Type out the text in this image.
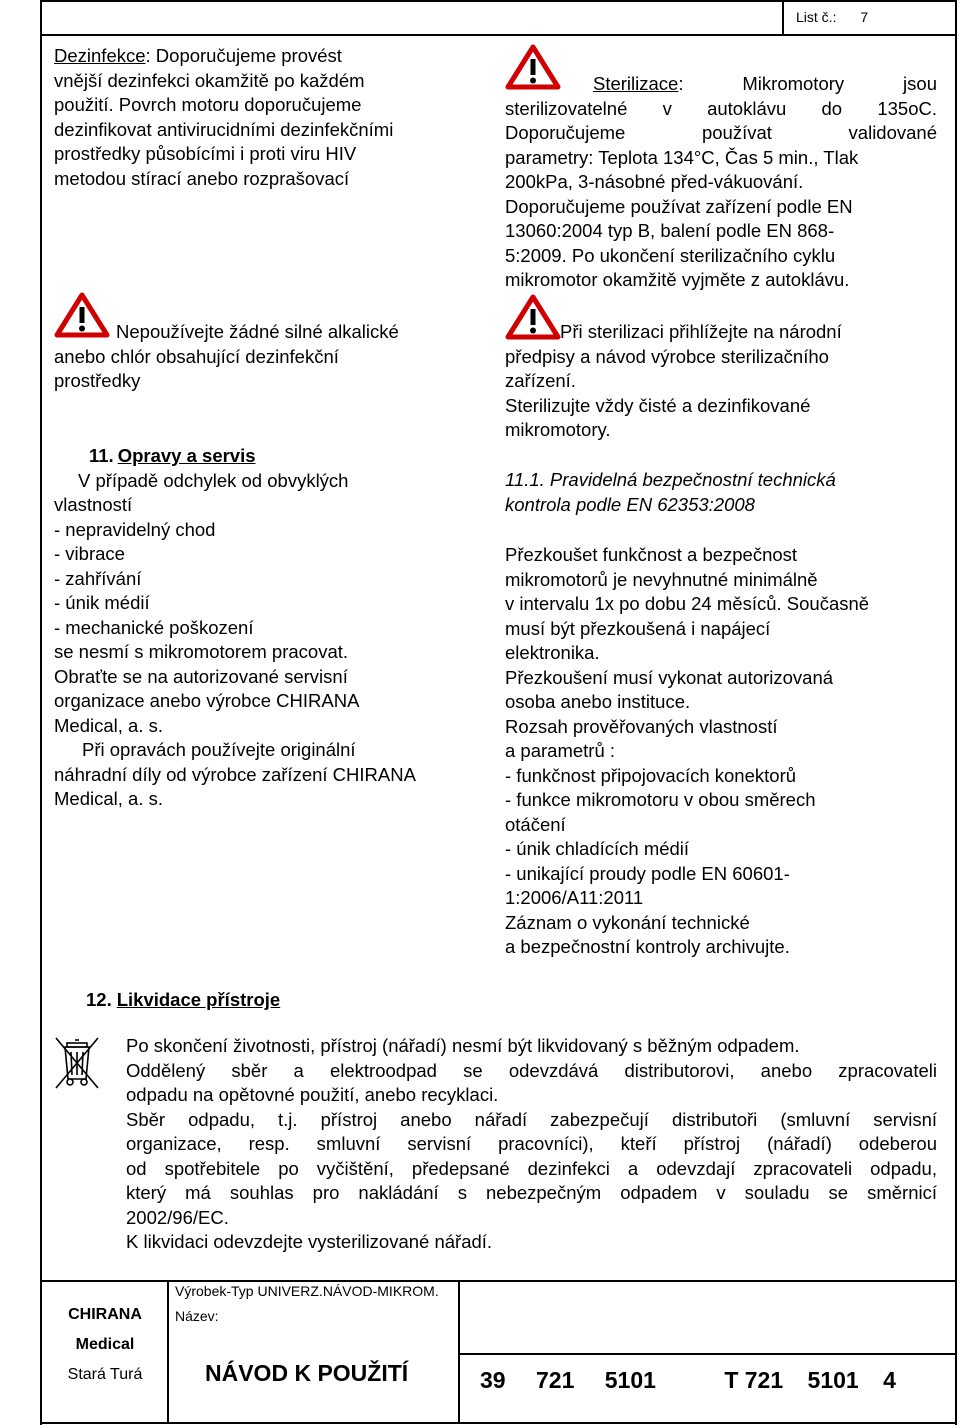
List č.: 7
Dezinfekce: Doporučujeme provést
vnější dezinfekci okamžitě po každém
použití. Povrch motoru doporučujeme
dezinfikovat antivirucidními dezinfekčními
prostředky působícími i proti viru HIV
metodou stírací anebo rozprašovací
Nepoužívejte žádné silné alkalické
anebo chlór obsahující dezinfekční
prostředky
11. Opravy a servis
V případě odchylek od obvyklých
vlastností
- nepravidelný chod
- vibrace
- zahřívání
- únik médií
- mechanické poškození
se nesmí s mikromotorem pracovat.
Obraťte se na autorizované servisní
organizace anebo výrobce CHIRANA
Medical, a. s.
Při opravách používejte originální
náhradní díly od výrobce zařízení CHIRANA
Medical, a. s.
Sterilizace: Mikromotory jsou
sterilizovatelné v autoklávu do 135oC.
Doporučujeme používat validované
parametry: Teplota 134°C, Čas 5 min., Tlak
200kPa, 3-násobné před-vákuování.
Doporučujeme používat zařízení podle EN
13060:2004 typ B, balení podle EN 868-
5:2009. Po ukončení sterilizačního cyklu
mikromotor okamžitě vyjměte z autoklávu.
Při sterilizaci přihlížejte na národní
předpisy a návod výrobce sterilizačního
zařízení.
Sterilizujte vždy čisté a dezinfikované
mikromotory.
11.1. Pravidelná bezpečnostní technická
kontrola podle EN 62353:2008
Přezkoušet funkčnost a bezpečnost
mikromotorů je nevyhnutné minimálně
v intervalu 1x po dobu 24 měsíců. Současně
musí být přezkoušená i napájecí
elektronika.
Přezkoušení musí vykonat autorizovaná
osoba anebo instituce.
Rozsah prověřovaných vlastností
a parametrů :
- funkčnost připojovacích konektorů
- funkce mikromotoru v obou směrech
otáčení
- únik chladících médií
- unikající proudy podle EN 60601-
1:2006/A11:2011
Záznam o vykonání technické
a bezpečnostní kontroly archivujte.
12. Likvidace přístroje
Po skončení životnosti, přístroj (nářadí) nesmí být likvidovaný s běžným odpadem.
Oddělený sběr a elektroodpad se odevzdává distributorovi, anebo zpracovateli
odpadu na opětovné použití, anebo recyklaci.
Sběr odpadu, t.j. přístroj anebo nářadí zabezpečují distributoři (smluvní servisní
organizace, resp. smluvní servisní pracovníci), kteří přístroj (nářadí) odeberou
od spotřebitele po vyčištění, předepsané dezinfekci a odevzdají zpracovateli odpadu,
který má souhlas pro nakládání s nebezpečným odpadem v souladu se směrnicí
2002/96/EC.
K likvidaci odevzdejte vysterilizované nářadí.
CHIRANA
Medical
Stará Turá
Výrobek-Typ UNIVERZ.NÁVOD-MIKROM.
Název:
NÁVOD K POUŽITÍ	39 721 5101	T 721 5101 4
